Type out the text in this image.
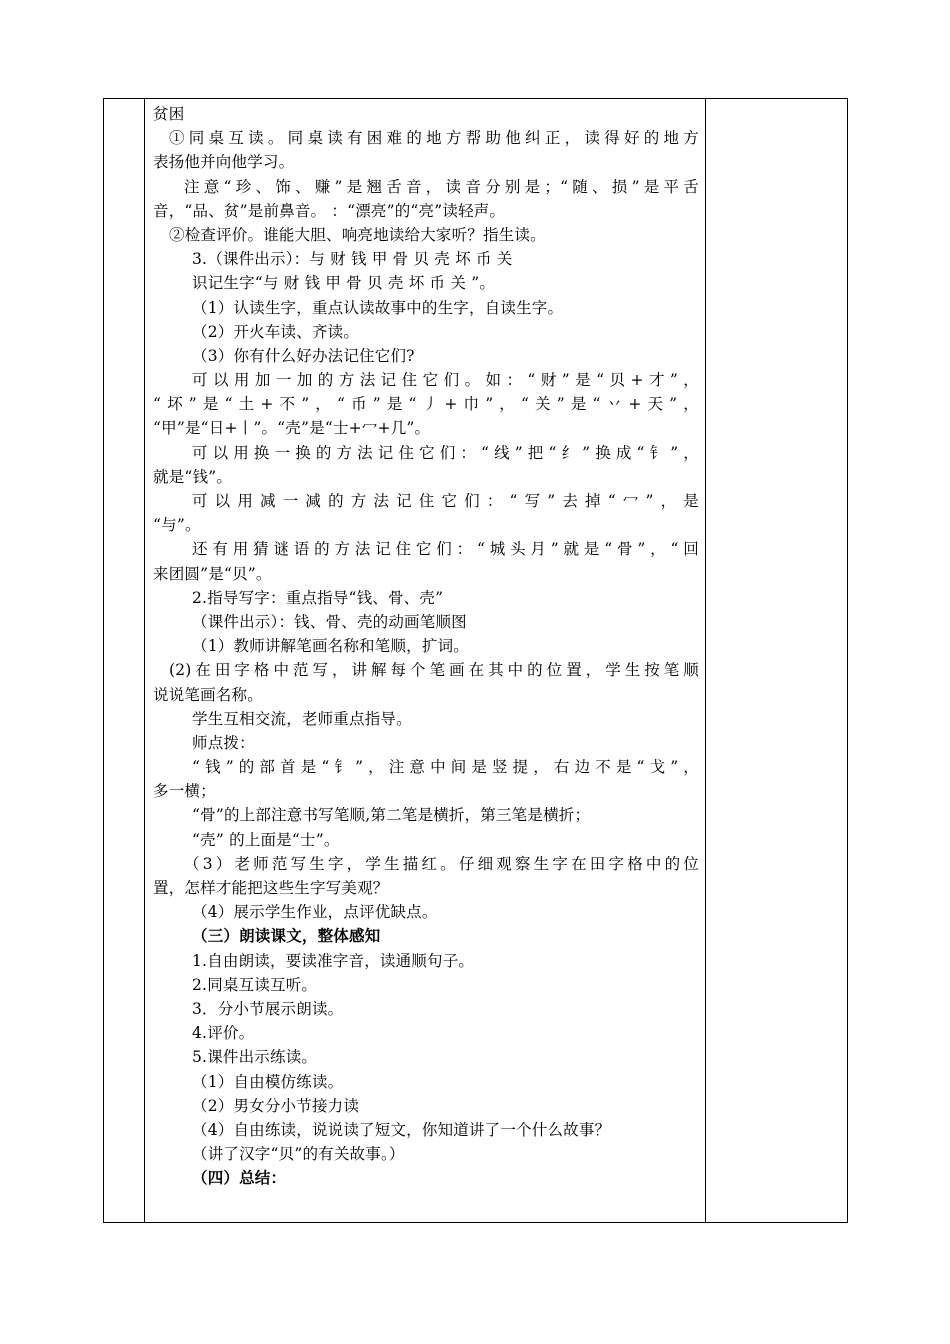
贫困
①同桌互读。同桌读有困难的地方帮助他纠正，读得好的地方
表扬他并向他学习。
注意“珍、饰、赚”是翘舌音，读音分别是；“随、损”是平舌
音，“品、贫”是前鼻音。 ：“漂亮”的“亮”读轻声。
②检查评价。谁能大胆、响亮地读给大家听？指生读。
3.（课件出示）：与 财 钱 甲 骨 贝 壳 坏 币 关
识记生字“与 财 钱 甲 骨 贝 壳 坏 币 关 ”。
（1）认读生字，重点认读故事中的生字，自读生字。
（2）开火车读、齐读。
（3）你有什么好办法记住它们?
可以用加一加的方法记住它们。如：“财”是“贝+才”，
“坏”是“土+不”，“币”是“丿+巾”，“关”是“丷+天”，
“甲”是“日+丨”。“壳”是“士+冖+几”。
可以用换一换的方法记住它们：“线”把“纟”换成“钅”，
就是“钱”。
可以用减一减的方法记住它们：“写”去掉“冖”，是
“与”。
还有用猜谜语的方法记住它们：“城头月”就是“骨”，“回
来团圆”是“贝”。
2.指导写字：重点指导“钱、骨、壳”
（课件出示）：钱、骨、壳的动画笔顺图
（1）教师讲解笔画名称和笔顺，扩词。
(2)在田字格中范写，讲解每个笔画在其中的位置，学生按笔顺
说说笔画名称。
学生互相交流，老师重点指导。
师点拨：
“钱”的部首是“钅”，注意中间是竖提，右边不是“戈”，
多一横；
“骨”的上部注意书写笔顺,第二笔是横折，第三笔是横折；
“壳” 的上面是“士”。
（3）老师范写生字，学生描红。仔细观察生字在田字格中的位
置，怎样才能把这些生字写美观？
（4）展示学生作业，点评优缺点。
（三）朗读课文，整体感知
1.自由朗读，要读准字音，读通顺句子。
2.同桌互读互听。
3．分小节展示朗读。
4.评价。
5.课件出示练读。
（1）自由模仿练读。
（2）男女分小节接力读
（4）自由练读，说说读了短文，你知道讲了一个什么故事？
（讲了汉字“贝”的有关故事。）
（四）总结：
